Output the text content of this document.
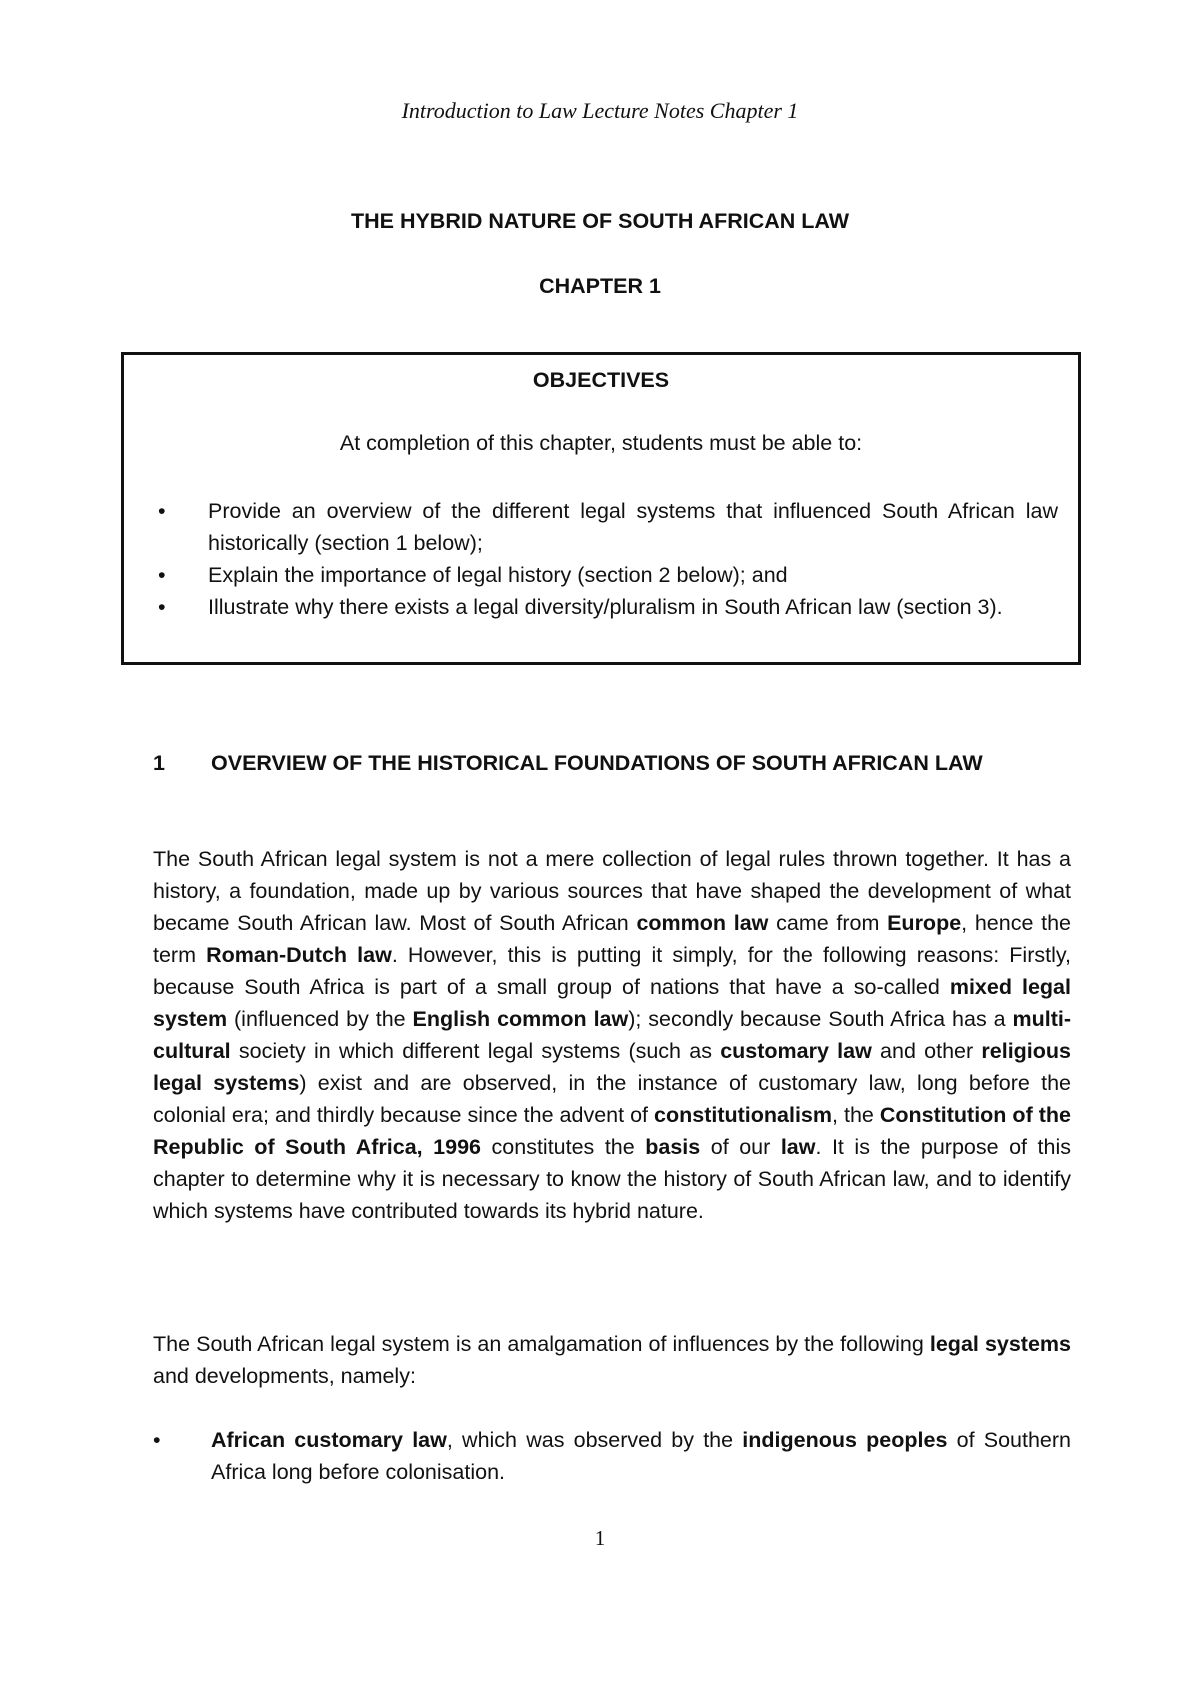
Introduction to Law Lecture Notes Chapter 1
THE HYBRID NATURE OF SOUTH AFRICAN LAW
CHAPTER 1
OBJECTIVES
At completion of this chapter, students must be able to:
•	Provide an overview of the different legal systems that influenced South African law historically (section 1 below);
•	Explain the importance of legal history (section 2 below); and
•	Illustrate why there exists a legal diversity/pluralism in South African law (section 3).
1 OVERVIEW OF THE HISTORICAL FOUNDATIONS OF SOUTH AFRICAN LAW

The South African legal system is not a mere collection of legal rules thrown together. It has a history, a foundation, made up by various sources that have shaped the development of what became South African law. Most of South African common law came from Europe, hence the term Roman-Dutch law. However, this is putting it simply, for the following reasons: Firstly, because South Africa is part of a small group of nations that have a so-called mixed legal system (influenced by the English common law); secondly because South Africa has a multi-cultural society in which different legal systems (such as customary law and other religious legal systems) exist and are observed, in the instance of customary law, long before the colonial era; and thirdly because since the advent of constitutionalism, the Constitution of the Republic of South Africa, 1996 constitutes the basis of our law. It is the purpose of this chapter to determine why it is necessary to know the history of South African law, and to identify which systems have contributed towards its hybrid nature.

The South African legal system is an amalgamation of influences by the following legal systems and developments, namely:

•	African customary law, which was observed by the indigenous peoples of Southern Africa long before colonisation.
1
